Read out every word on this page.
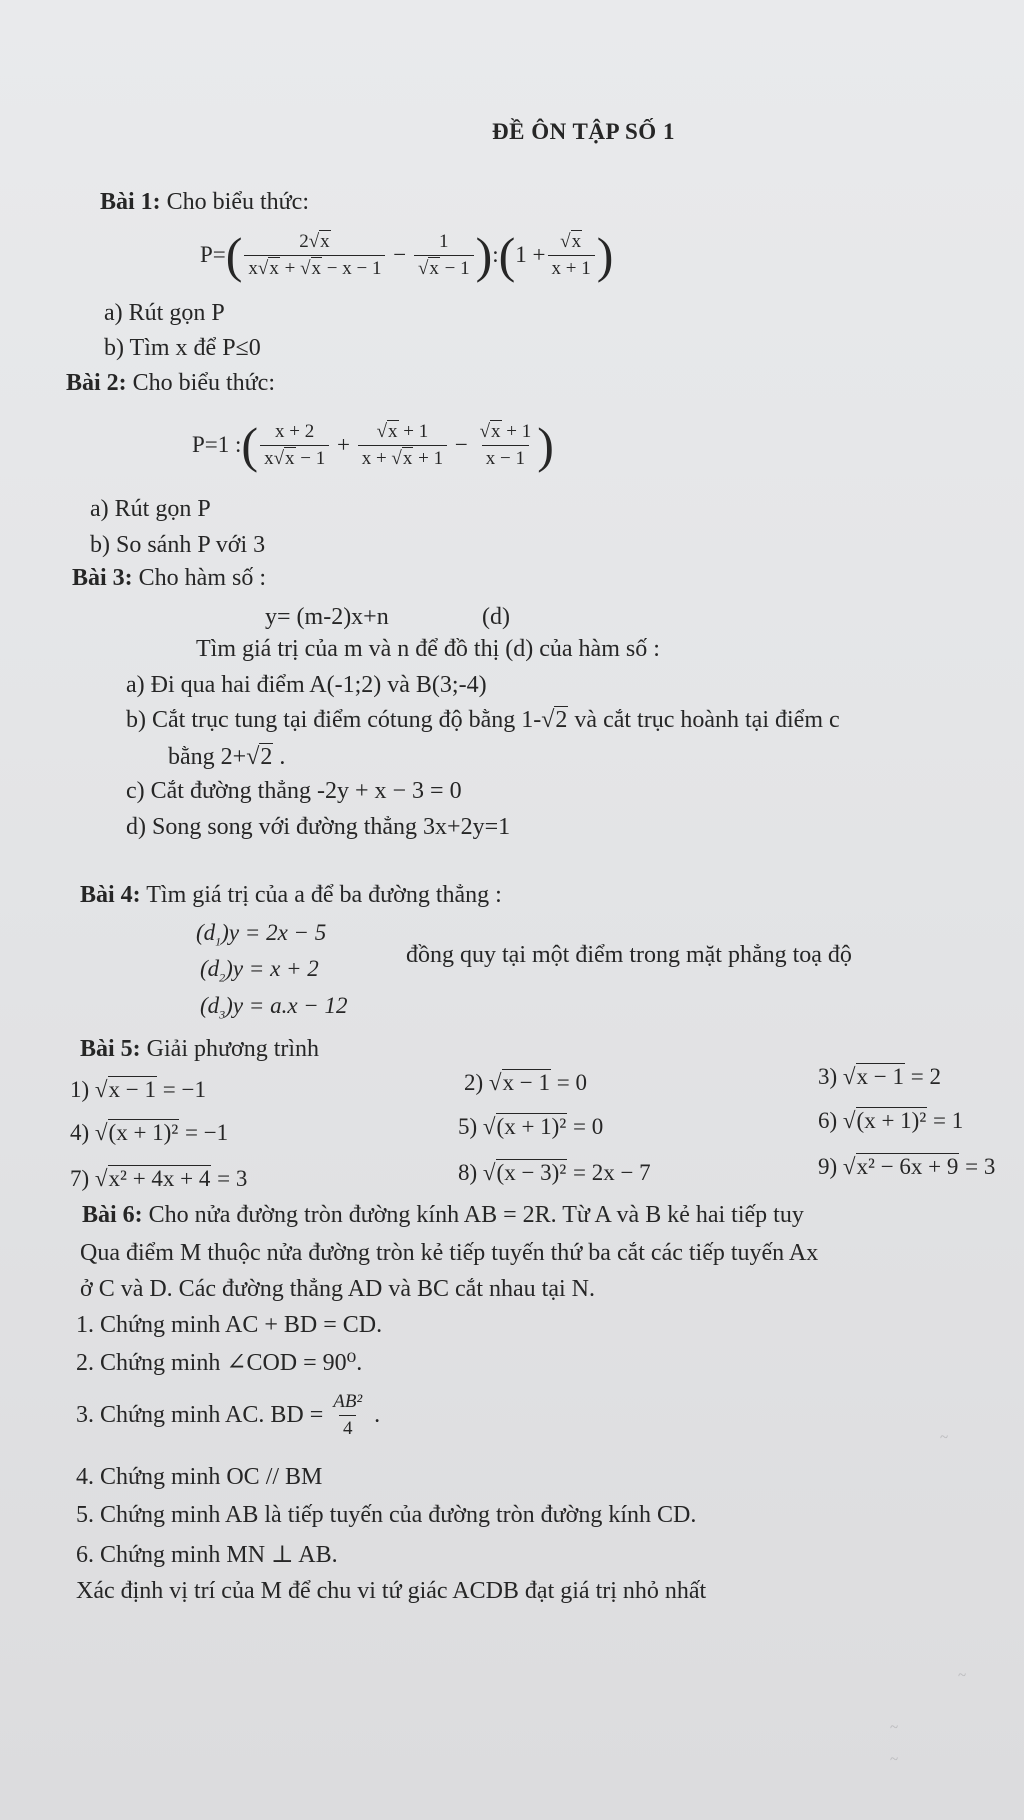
ĐỀ ÔN TẬP SỐ 1
Bài 1: Cho biểu thức:
P= ( $\frac{2√x}{x√x + √x - x - 1} - \frac{1}{√x - 1}$ ) : ( $1 + \frac{√x}{x + 1}$ )
a) Rút gọn P
b) Tìm x để P≤0
Bài 2: Cho biểu thức:
P=1 : ( $\frac{x + 2}{x√x - 1} + \frac{√x + 1}{x + √x + 1} - \frac{√x + 1}{x - 1}$ )
a) Rút gọn P
b) So sánh P với 3
Bài 3: Cho hàm số :
y= (m-2)x+n	(d)
Tìm giá trị của m và n để đồ thị (d) của hàm số :
a) Đi qua hai điểm A(-1;2) và B(3;-4)
b) Cắt trục tung tại điểm cótung độ bằng 1-√2 và cắt trục hoành tại điểm c
bằng 2+√2 .
c) Cắt đường thẳng -2y + x − 3 = 0
d) Song song với đường thẳng 3x+2y=1
Bài 4: Tìm giá trị của a để ba đường thẳng :
$(d_1)y = 2x - 5$
$(d_2)y = x + 2$
đồng quy tại một điểm trong mặt phẳng toạ độ
$(d_3)y = a.x - 12$
Bài 5: Giải phương trình
1) √x − 1 = −1	2) √x − 1 = 0	3) √x − 1 = 2
4) √(x + 1)² = −1	5) √(x + 1)² = 0	6) √(x + 1)² = 1
7) √x² + 4x + 4 = 3	8) √(x − 3)² = 2x − 7	9) √x² − 6x + 9 = 3
Bài 6: Cho nửa đường tròn đường kính AB = 2R. Từ A và B kẻ hai tiếp tuy
Qua điểm M thuộc nửa đường tròn kẻ tiếp tuyến thứ ba cắt các tiếp tuyến Ax
ở C và D. Các đường thẳng AD và BC cắt nhau tại N.
1. Chứng minh AC + BD = CD.
2. Chứng minh ∠COD = 90⁰.
3. Chứng minh AC. BD = $\frac{\text{AB²}}{4}$ .
4. Chứng minh OC // BM
5. Chứng minh AB là tiếp tuyến của đường tròn đường kính CD.
6. Chứng minh MN ⊥ AB.
Xác định vị trí của M để chu vi tứ giác ACDB đạt giá trị nhỏ nhất
~
~
~
~
